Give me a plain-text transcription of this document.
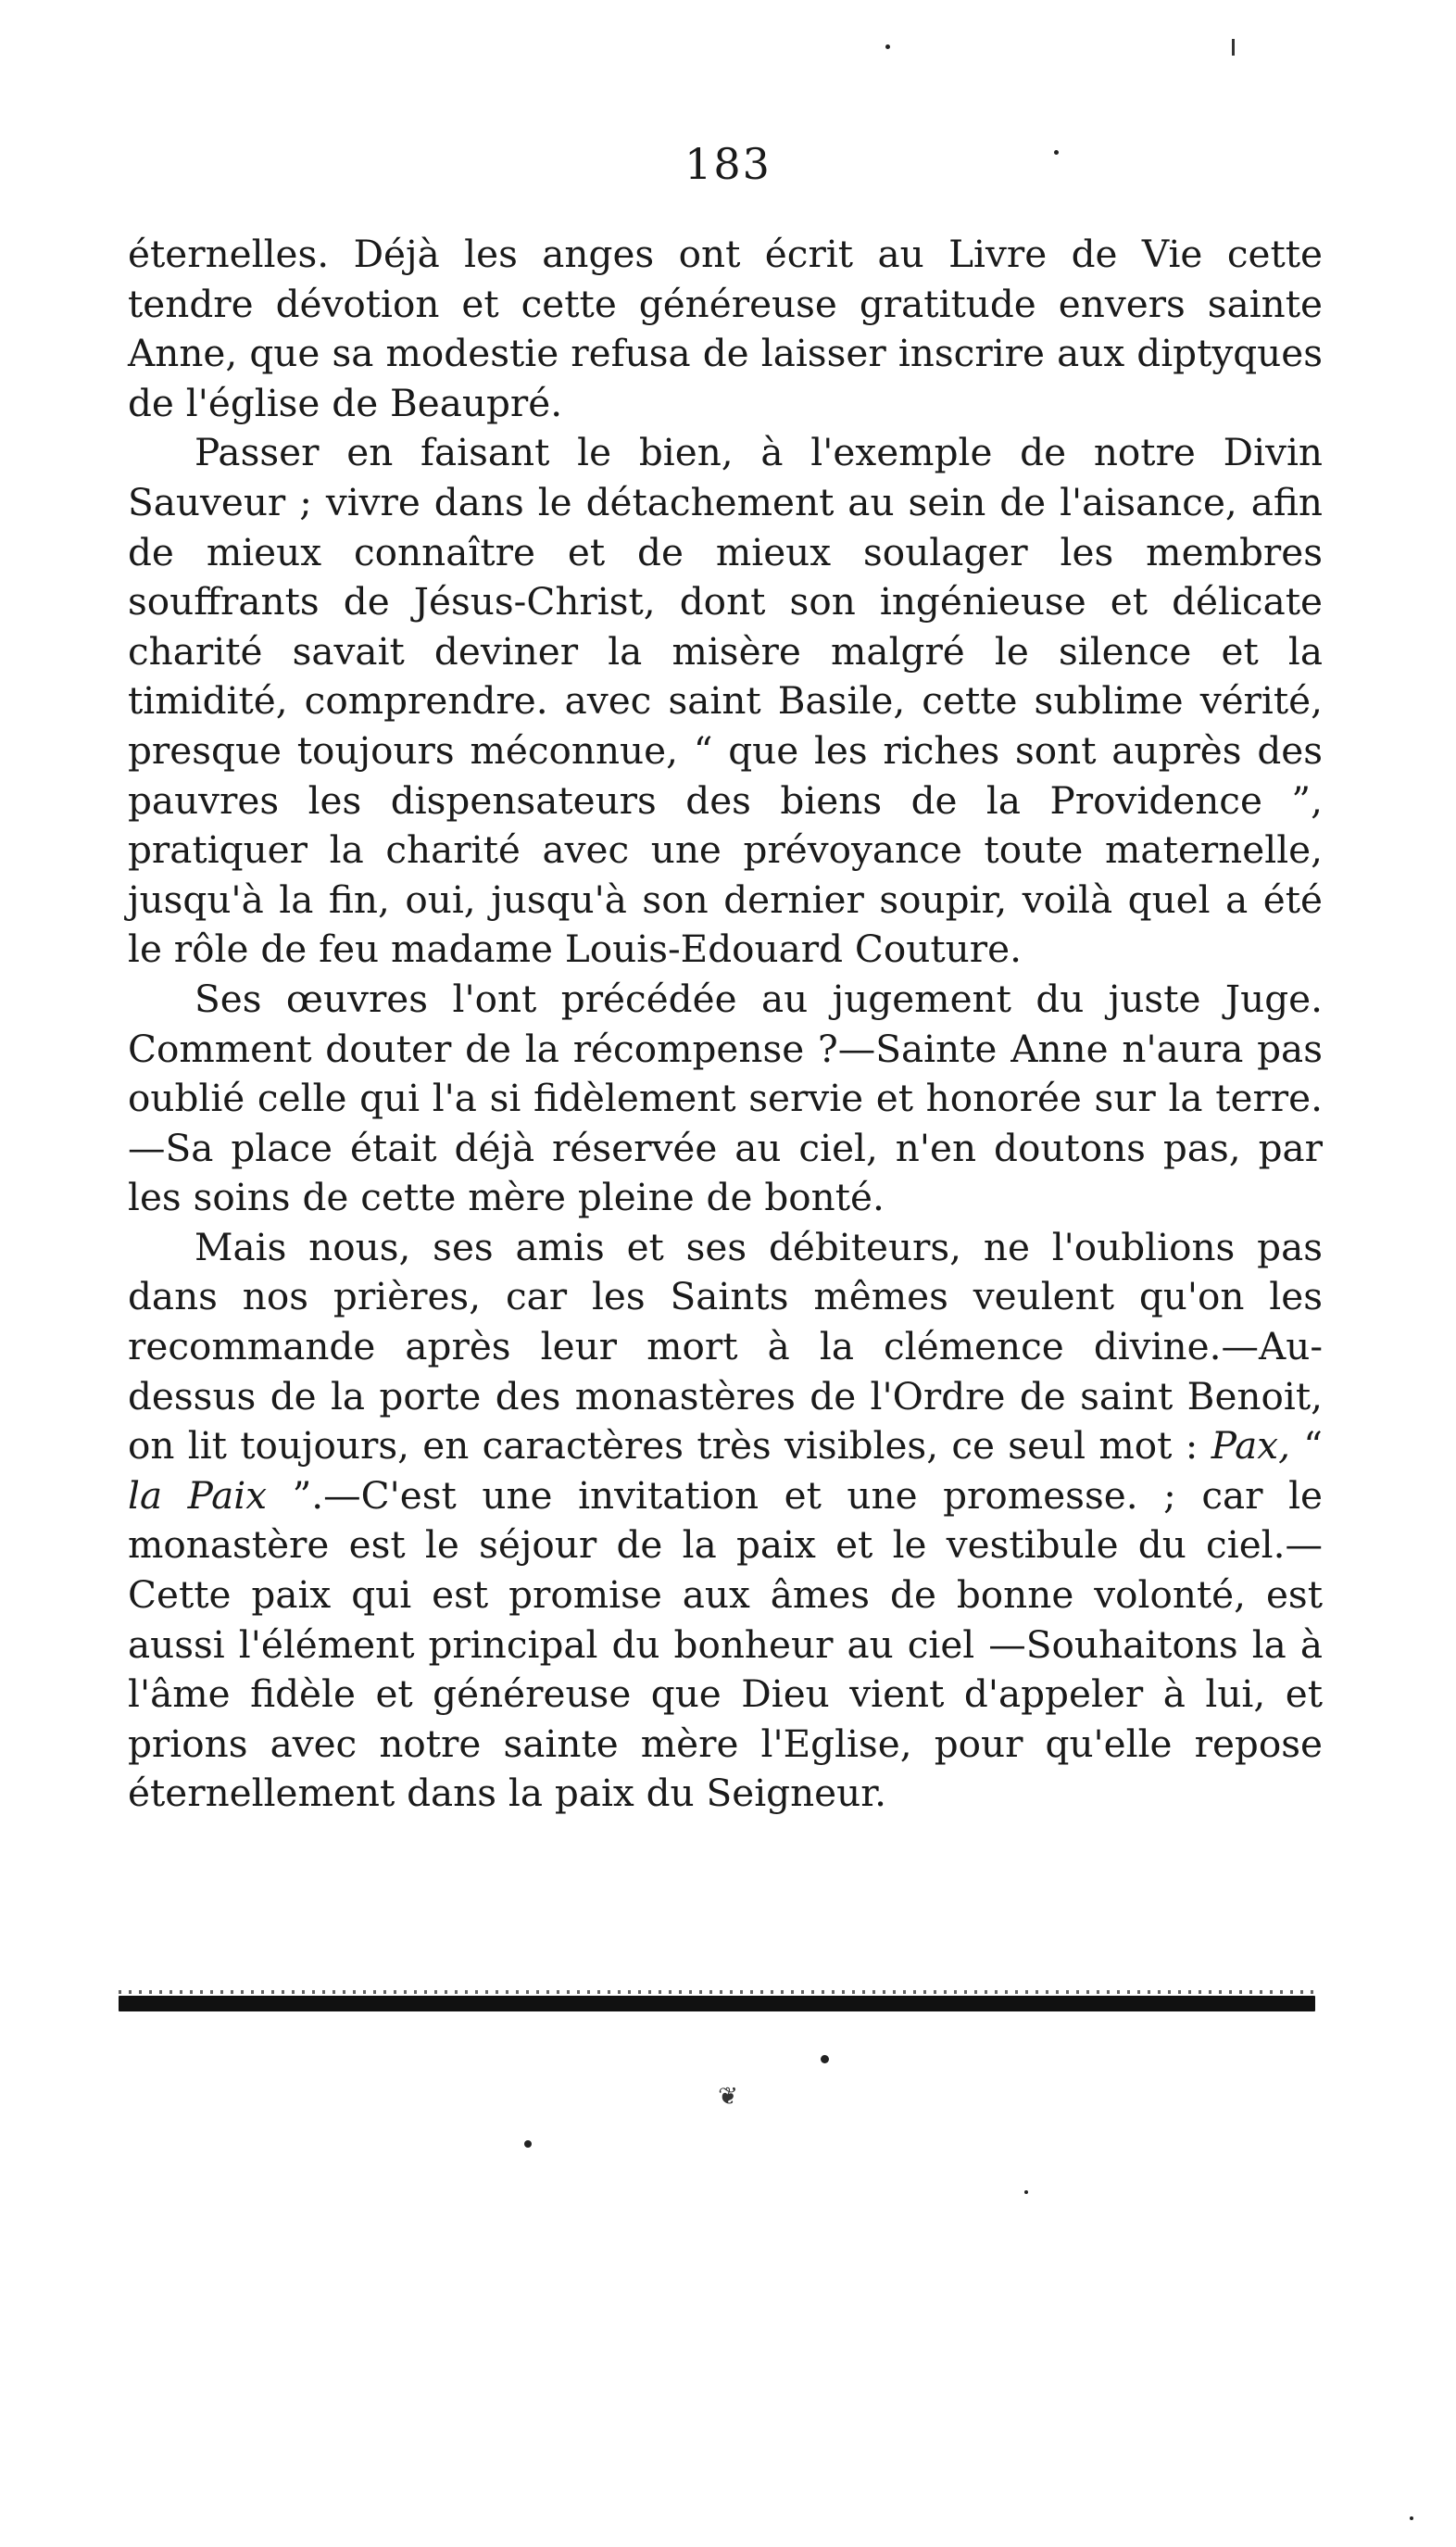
183

éternelles. Déjà les anges ont écrit au Livre de Vie cette tendre dévotion et cette généreuse gratitude envers sainte Anne, que sa modestie refusa de laisser inscrire aux diptyques de l'église de Beaupré.

Passer en faisant le bien, à l'exemple de notre Divin Sauveur ; vivre dans le détachement au sein de l'aisance, afin de mieux connaître et de mieux soulager les membres souffrants de Jésus-Christ, dont son ingénieuse et délicate charité savait deviner la misère malgré le silence et la timidité, comprendre. avec saint Basile, cette sublime vérité, presque toujours méconnue, “ que les riches sont auprès des pauvres les dispensateurs des biens de la Providence ”, pratiquer la charité avec une prévoyance toute maternelle, jusqu'à la fin, oui, jusqu'à son dernier soupir, voilà quel a été le rôle de feu madame Louis-Edouard Couture.

Ses œuvres l'ont précédée au jugement du juste Juge. Comment douter de la récompense ?—Sainte Anne n'aura pas oublié celle qui l'a si fidèlement servie et honorée sur la terre.—Sa place était déjà réservée au ciel, n'en doutons pas, par les soins de cette mère pleine de bonté.

Mais nous, ses amis et ses débiteurs, ne l'oublions pas dans nos prières, car les Saints mêmes veulent qu'on les recommande après leur mort à la clémence divine.—Au-dessus de la porte des monastères de l'Ordre de saint Benoit, on lit toujours, en caractères très visibles, ce seul mot : Pax, “ la Paix ”.—C'est une invitation et une promesse. ; car le monastère est le séjour de la paix et le vestibule du ciel.—Cette paix qui est promise aux âmes de bonne volonté, est aussi l'élément principal du bonheur au ciel —Souhaitons la à l'âme fidèle et généreuse que Dieu vient d'appeler à lui, et prions avec notre sainte mère l'Eglise, pour qu'elle repose éternellement dans la paix du Seigneur.

❦
